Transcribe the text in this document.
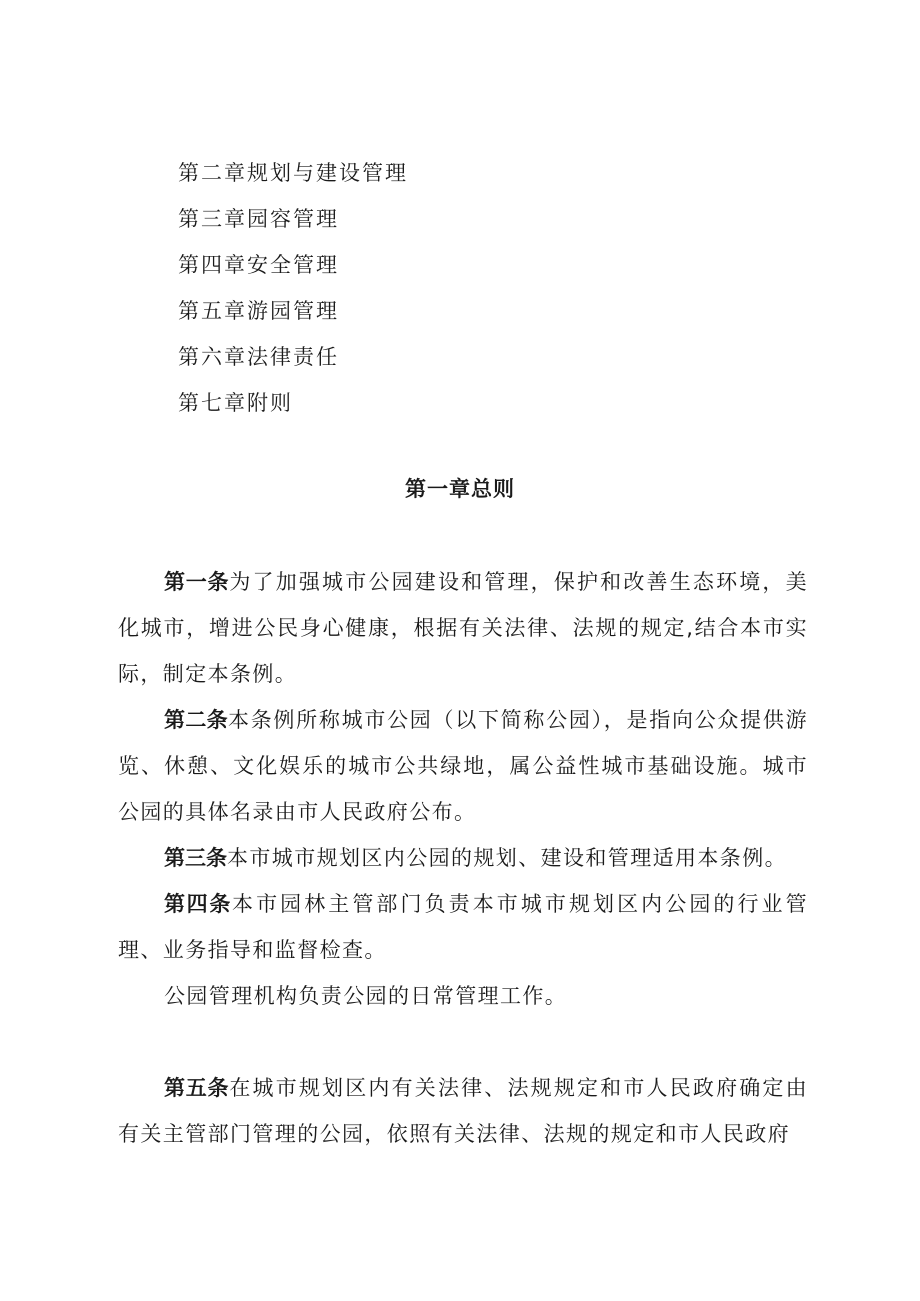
第二章规划与建设管理
第三章园容管理
第四章安全管理
第五章游园管理
第六章法律责任
第七章附则
第一章总则

第一条为了加强城市公园建设和管理，保护和改善生态环境，美化城市，增进公民身心健康，根据有关法律、法规的规定,结合本市实际，制定本条例。

第二条本条例所称城市公园（以下简称公园），是指向公众提供游览、休憩、文化娱乐的城市公共绿地，属公益性城市基础设施。城市公园的具体名录由市人民政府公布。

第三条本市城市规划区内公园的规划、建设和管理适用本条例。

第四条本市园林主管部门负责本市城市规划区内公园的行业管理、业务指导和监督检查。

公园管理机构负责公园的日常管理工作。

第五条在城市规划区内有关法律、法规规定和市人民政府确定由有关主管部门管理的公园，依照有关法律、法规的规定和市人民政府
